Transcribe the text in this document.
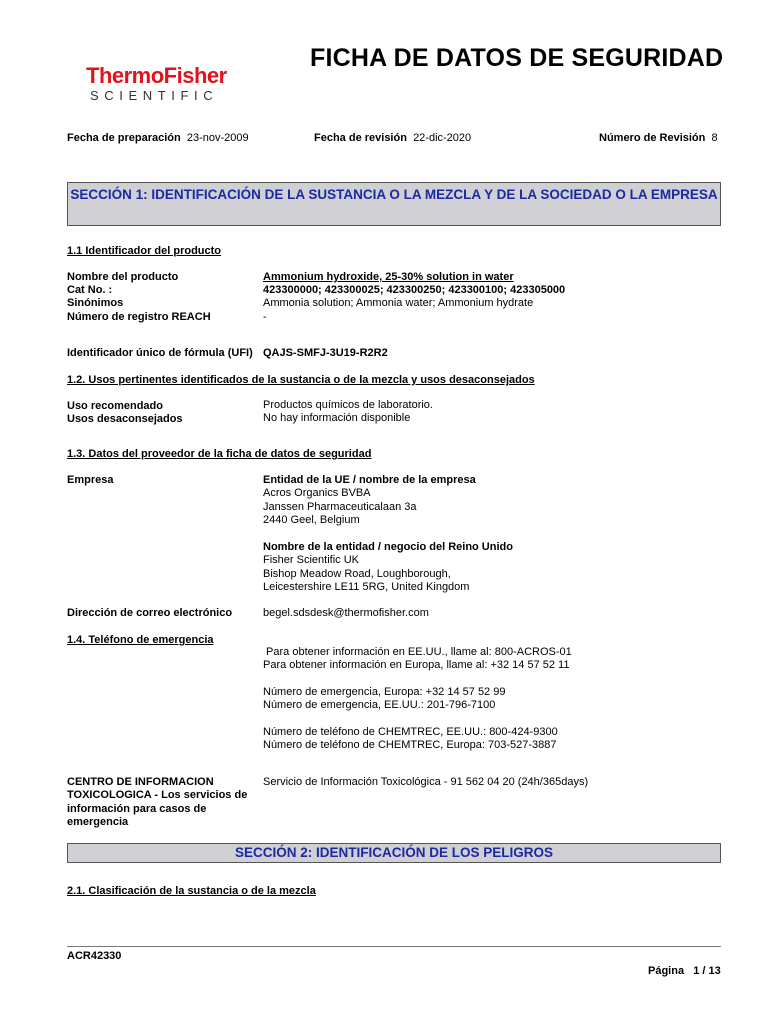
ThermoFisher
SCIENTIFIC
FICHA DE DATOS DE SEGURIDAD
Fecha de preparación 23-nov-2009	Fecha de revisión 22-dic-2020	Número de Revisión 8
SECCIÓN 1: IDENTIFICACIÓN DE LA SUSTANCIA O LA MEZCLA Y DE LA SOCIEDAD O LA EMPRESA
1.1 Identificador del producto
Nombre del producto	Ammonium hydroxide, 25-30% solution in water
Cat No. :	423300000; 423300025; 423300250; 423300100; 423305000
Sinónimos	Ammonia solution; Ammonia water; Ammonium hydrate
Número de registro REACH	-
Identificador único de fórmula (UFI) QAJS-SMFJ-3U19-R2R2
1.2. Usos pertinentes identificados de la sustancia o de la mezcla y usos desaconsejados
Uso recomendado	Productos químicos de laboratorio.
Usos desaconsejados	No hay información disponible
1.3. Datos del proveedor de la ficha de datos de seguridad
Empresa	Entidad de la UE / nombre de la empresa
Acros Organics BVBA
Janssen Pharmaceuticalaan 3a
2440 Geel, Belgium
Nombre de la entidad / negocio del Reino Unido
Fisher Scientific UK
Bishop Meadow Road, Loughborough,
Leicestershire LE11 5RG, United Kingdom
Dirección de correo electrónico	begel.sdsdesk@thermofisher.com
1.4. Teléfono de emergencia
Para obtener información en EE.UU., llame al: 800-ACROS-01
Para obtener información en Europa, llame al: +32 14 57 52 11
Número de emergencia, Europa: +32 14 57 52 99
Número de emergencia, EE.UU.: 201-796-7100
Número de teléfono de CHEMTREC, EE.UU.: 800-424-9300
Número de teléfono de CHEMTREC, Europa: 703-527-3887
CENTRO DE INFORMACION
TOXICOLOGICA - Los servicios de
información para casos de
emergencia
Servicio de Información Toxicológica - 91 562 04 20 (24h/365days)
SECCIÓN 2: IDENTIFICACIÓN DE LOS PELIGROS
2.1. Clasificación de la sustancia o de la mezcla
ACR42330
Página   1 / 13
